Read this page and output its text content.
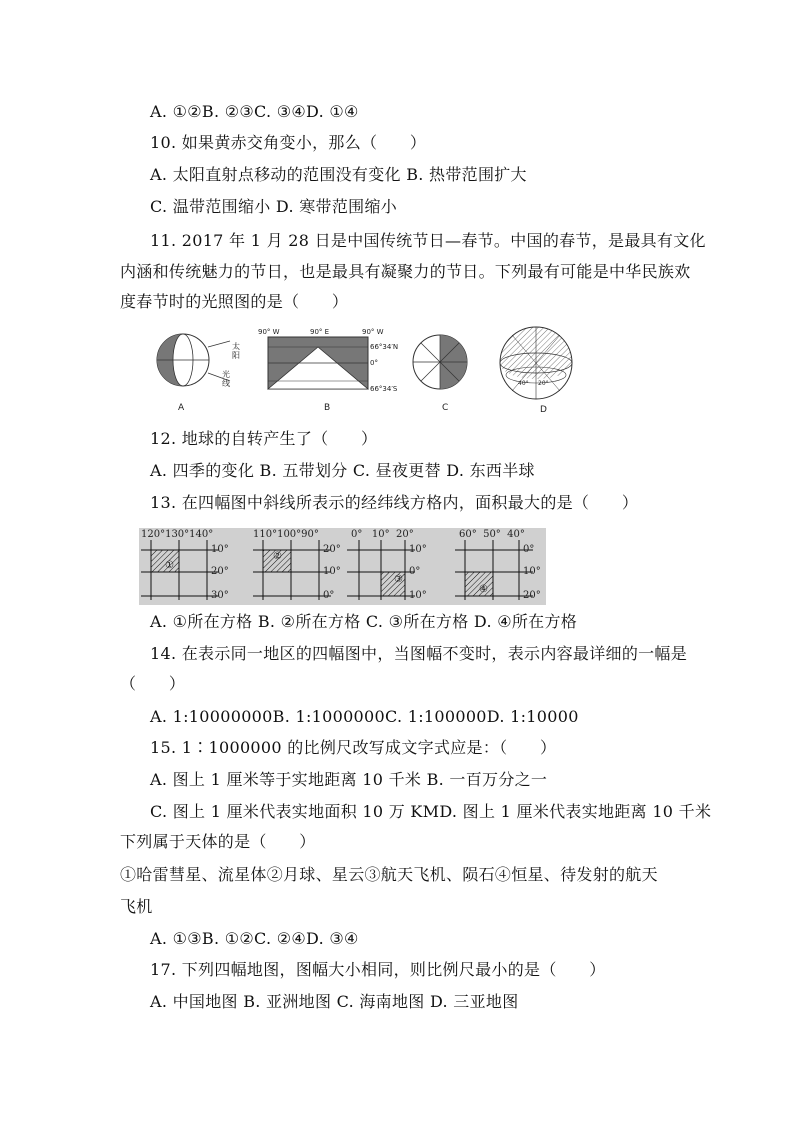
A. ①②B. ②③C. ③④D. ①④
10. 如果黄赤交角变小，那么（　　）
A. 太阳直射点移动的范围没有变化 B. 热带范围扩大
C. 温带范围缩小 D. 寒带范围缩小
11. 2017 年 1 月 28 日是中国传统节日—春节。中国的春节，是最具有文化
内涵和传统魅力的节日，也是最具有凝聚力的节日。下列最有可能是中华民族欢
度春节时的光照图的是（　　）
太
阳
光
线
A
90° W	90° E	90° W
66°34′N
0°
66°34′S
B	C
40° 20°
D
12. 地球的自转产生了（　　）
A. 四季的变化 B. 五带划分 C. 昼夜更替 D. 东西半球
13. 在四幅图中斜线所表示的经纬线方格内，面积最大的是（　　）
120°130°140°
10°
20°
30°
①
110°100°90°
20°
10°
0°
②
0°   10°  20°
10°
0°
10°
③
60°  50°  40°
0°
10°
20°
④
A. ①所在方格 B. ②所在方格 C. ③所在方格 D. ④所在方格
14. 在表示同一地区的四幅图中，当图幅不变时，表示内容最详细的一幅是
（　　）
A. 1:10000000B. 1:1000000C. 1:100000D. 1:10000
15. 1∶1000000 的比例尺改写成文字式应是：（　　）
A. 图上 1 厘米等于实地距离 10 千米 B. 一百万分之一
C. 图上 1 厘米代表实地面积 10 万 KMD. 图上 1 厘米代表实地距离 10 千米
下列属于天体的是（　　）
①哈雷彗星、流星体②月球、星云③航天飞机、陨石④恒星、待发射的航天
飞机
A. ①③B. ①②C. ②④D. ③④
17. 下列四幅地图，图幅大小相同，则比例尺最小的是（　　）
A. 中国地图 B. 亚洲地图 C. 海南地图 D. 三亚地图
